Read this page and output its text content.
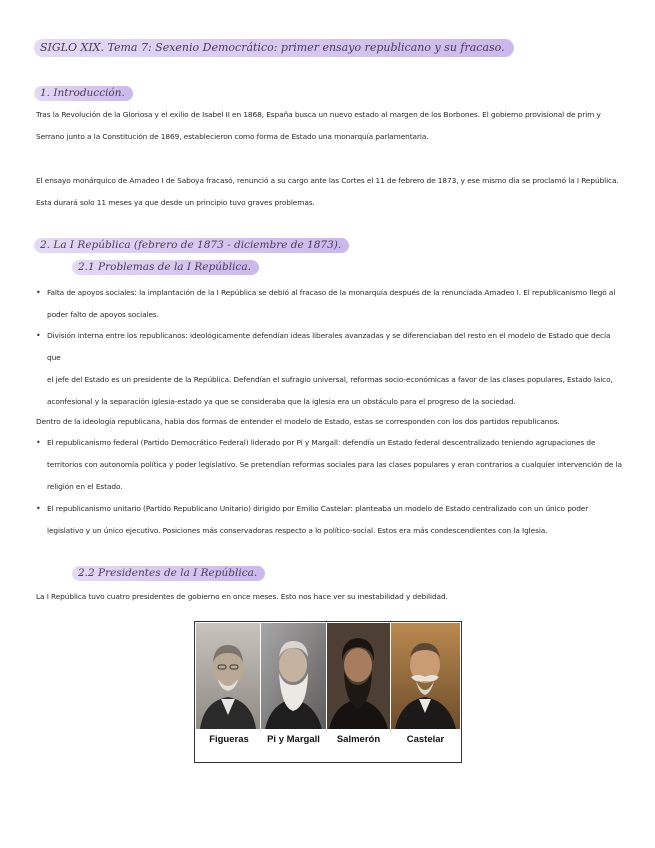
SIGLO XIX. Tema 7: Sexenio Democrático: primer ensayo republicano y su fracaso.
1. Introducción.

Tras la Revolución de la Gloriosa y el exilio de Isabel II en 1868, España busca un nuevo estado al margen de los Borbones. El gobierno provisional de prim y

Serrano junto a la Constitución de 1869, establecieron como forma de Estado una monarquía parlamentaria.

El ensayo monárquico de Amadeo I de Saboya fracasó, renunció a su cargo ante las Cortes el 11 de febrero de 1873, y ese mismo día se proclamó la I República.

Esta durará solo 11 meses ya que desde un principio tuvo graves problemas.

2. La I República (febrero de 1873 - diciembre de 1873).
2.1 Problemas de la I República.
• Falta de apoyos sociales: la implantación de la I República se debió al fracaso de la monarquía después de la renunciada Amadeo I. El republicanismo llegó al
poder falto de apoyos sociales.
• División interna entre los republicanos: ideológicamente defendían ideas liberales avanzadas y se diferenciaban del resto en el modelo de Estado que decía que
el jefe del Estado es un presidente de la República. Defendían el sufragio universal, reformas socio-económicas a favor de las clases populares, Estado laico,
aconfesional y la separación iglesia-estado ya que se consideraba que la iglesia era un obstáculo para el progreso de la sociedad.

Dentro de la ideología republicana, había dos formas de entender el modelo de Estado, estas se corresponden con los dos partidos republicanos.

• El republicanismo federal (Partido Democrático Federal) liderado por Pi y Margall: defendía un Estado federal descentralizado teniendo agrupaciones de
territorios con autonomía política y poder legislativo. Se pretendían reformas sociales para las clases populares y eran contrarios a cualquier intervención de la
religión en el Estado.
• El republicanismo unitario (Partido Republicano Unitario) dirigido por Emilio Castelar: planteaba un modelo de Estado centralizado con un único poder
legislativo y un único ejecutivo. Posiciones más conservadoras respecto a lo político-social. Estos era más condescendientes con la Iglesia.
2.2 Presidentes de la I República.

La I República tuvo cuatro presidentes de gobierno en once meses. Esto nos hace ver su inestabilidad y debilidad.

Figueras	Pi y Margall	Salmerón	Castelar
